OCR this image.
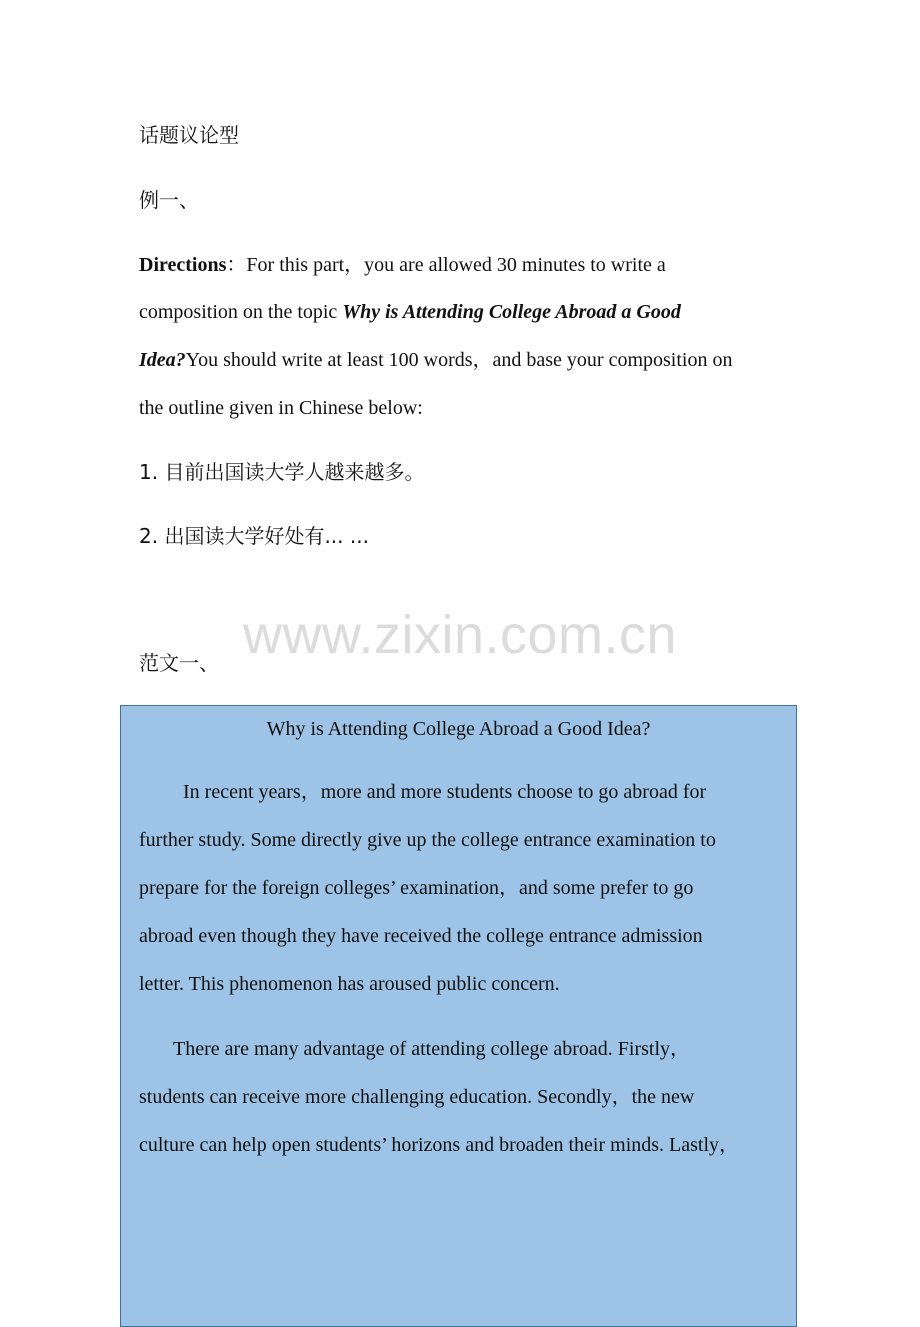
话题议论型
例一、
Directions：For this part，you are allowed 30 minutes to write a
composition on the topic Why is Attending College Abroad a Good
Idea?You should write at least 100 words，and base your composition on
the outline given in Chinese below:
1. 目前出国读大学人越来越多。
2. 出国读大学好处有... ...
www.zixin.com.cn
范文一、
Why is Attending College Abroad a Good Idea?
In recent years，more and more students choose to go abroad for
further study. Some directly give up the college entrance examination to
prepare for the foreign colleges’ examination，and some prefer to go
abroad even though they have received the college entrance admission
letter. This phenomenon has aroused public concern.
There are many advantage of attending college abroad. Firstly，
students can receive more challenging education. Secondly，the new
culture can help open students’ horizons and broaden their minds. Lastly，
